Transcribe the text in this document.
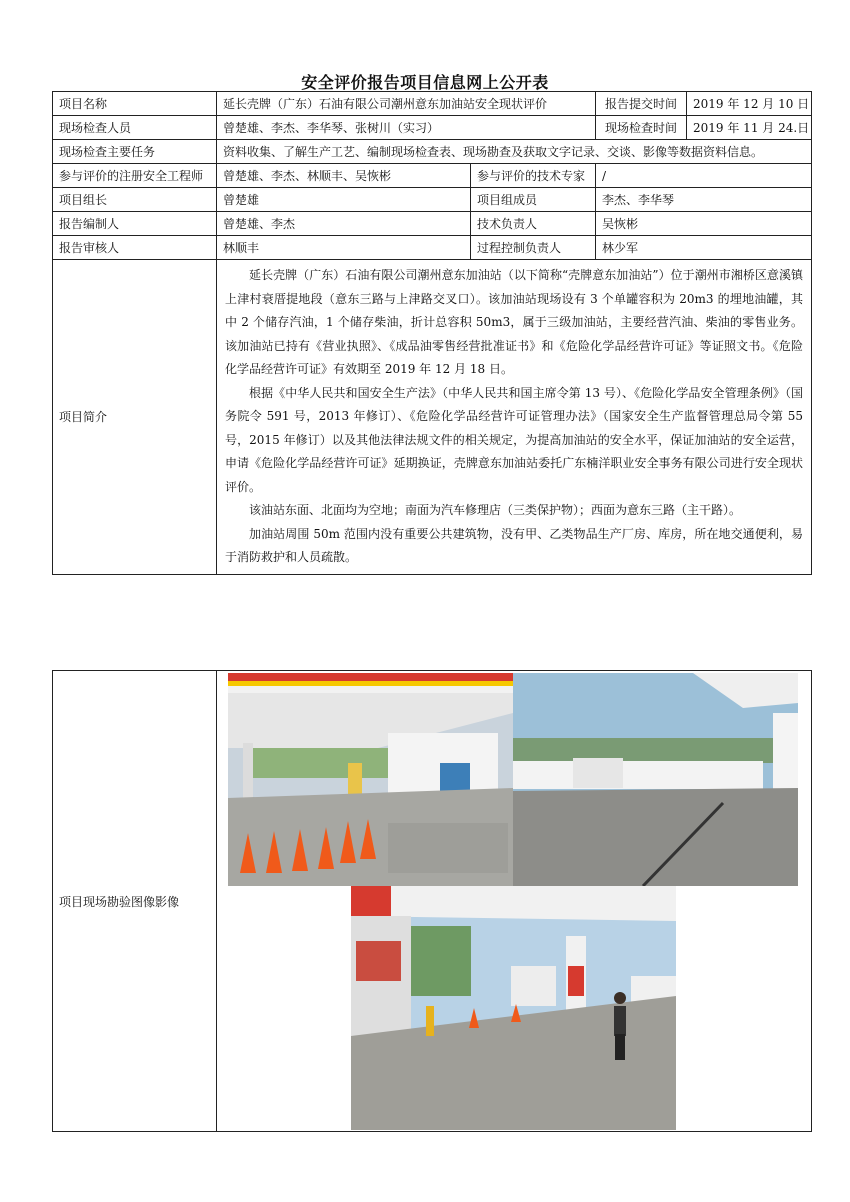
安全评价报告项目信息网上公开表
项目名称	延长壳牌（广东）石油有限公司潮州意东加油站安全现状评价		报告提交时间	2019 年 12 月 10 日
现场检查人员	曾楚雄、李杰、李华琴、张树川（实习）		现场检查时间	2019 年 11 月 24.日
现场检查主要任务	资料收集、了解生产工艺、编制现场检查表、现场勘查及获取文字记录、交谈、影像等数据资料信息。			
参与评价的注册安全工程师	曾楚雄、李杰、林顺丰、吴恢彬	参与评价的技术专家	/	
项目组长	曾楚雄	项目组成员	李杰、李华琴	
报告编制人	曾楚雄、李杰	技术负责人	吴恢彬	
报告审核人	林顺丰	过程控制负责人	林少军	
项目简介	延长壳牌（广东）石油有限公司潮州意东加油站（以下简称“壳牌意东加油站”）位于潮州市湘桥区意溪镇上津村衰厝提地段（意东三路与上津路交叉口）。该加油站现场设有 3 个单罐容积为 20m3 的埋地油罐，其中 2 个储存汽油，1 个储存柴油，折计总容积 50m3，属于三级加油站，主要经营汽油、柴油的零售业务。该加油站已持有《营业执照》、《成品油零售经营批准证书》和《危险化学品经营许可证》等证照文书。《危险化学品经营许可证》有效期至 2019 年 12 月 18 日。

根据《中华人民共和国安全生产法》（中华人民共和国主席令第 13 号）、《危险化学品安全管理条例》（国务院令 591 号，2013 年修订）、《危险化学品经营许可证管理办法》（国家安全生产监督管理总局令第 55 号，2015 年修订）以及其他法律法规文件的相关规定，为提高加油站的安全水平，保证加油站的安全运营，申请《危险化学品经营许可证》延期换证，壳牌意东加油站委托广东楠洋职业安全事务有限公司进行安全现状评价。

该油站东面、北面均为空地；南面为汽车修理店（三类保护物）；西面为意东三路（主干路）。

加油站周围 50m 范围内没有重要公共建筑物，没有甲、乙类物品生产厂房、库房，所在地交通便利，易于消防救护和人员疏散。			

项目现场勘验图像影像	
